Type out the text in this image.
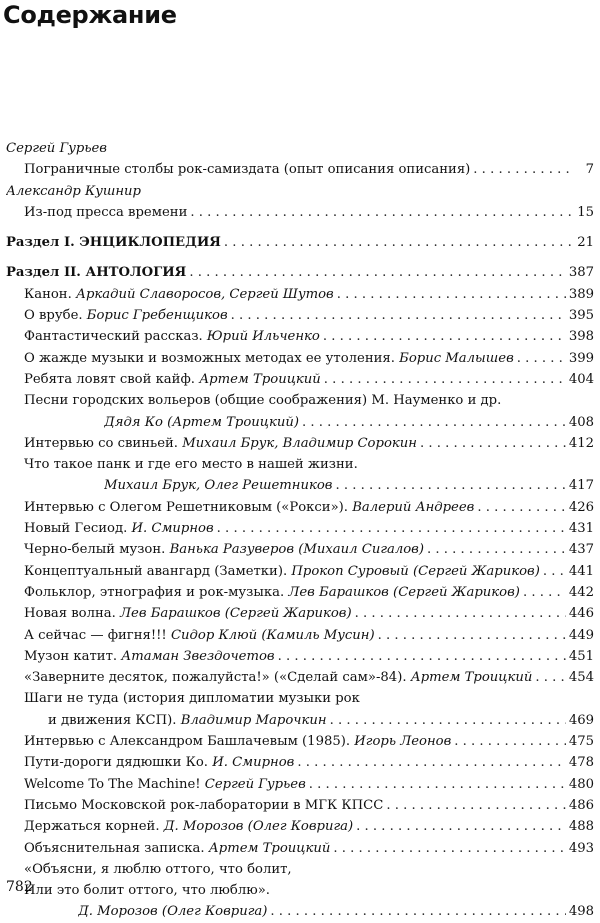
Содержание
Сергей Гурьев
Пограничные столбы рок-самиздата (опыт описания описания) . . .	7
Александр Кушнир
Из-под пресса времени . . .	15
Раздел I. ЭНЦИКЛОПЕДИЯ . . .	21
Раздел II. АНТОЛОГИЯ . . .	387
Канон. Аркадий Славоросов, Сергей Шутов . . .	389
О врубе. Борис Гребенщиков . . .	395
Фантастический рассказ. Юрий Ильченко . . .	398
О жажде музыки и возможных методах ее утоления. Борис Малышев . . .	399
Ребята ловят свой кайф. Артем Троицкий . . .	404
Песни городских вольеров (общие соображения) М. Науменко и др.
Дядя Ко (Артем Троицкий) . . .	408
Интервью со свиньей. Михаил Брук, Владимир Сорокин . . .	412
Что такое панк и где его место в нашей жизни.
Михаил Брук, Олег Решетников . . .	417
Интервью с Олегом Решетниковым («Рокси»). Валерий Андреев . . .	426
Новый Гесиод. И. Смирнов . . .	431
Черно-белый музон. Ванька Разуверов (Михаил Сигалов) . . .	437
Концептуальный авангард (Заметки). Прокоп Суровый (Сергей Жариков) . . . 441
Фольклор, этнография и рок-музыка. Лев Барашков (Сергей Жариков) . . .	442
Новая волна. Лев Барашков (Сергей Жариков) . . .	446
А сейчас — фигня!!! Сидор Клюй (Камиль Мусин) . . .	449
Музон катит. Атаман Звездочетов . . .	451
«Заверните десяток, пожалуйста!» («Сделай сам»-84). Артем Троицкий . . .	454
Шаги не туда (история дипломатии музыки рок
и движения КСП). Владимир Марочкин . . .	469
Интервью с Александром Башлачевым (1985). Игорь Леонов . . .	475
Пути-дороги дядюшки Ко. И. Смирнов . . .	478
Welcome To The Machine! Сергей Гурьев . . .	480
Письмо Московской рок-лаборатории в МГК КПСС . . .	486
Держаться корней. Д. Морозов (Олег Коврига) . . .	488
Объяснительная записка. Артем Троицкий . . .	493
«Объясни, я люблю оттого, что болит,
Или это болит оттого, что люблю».
Д. Морозов (Олег Коврига) . . .	498
782
